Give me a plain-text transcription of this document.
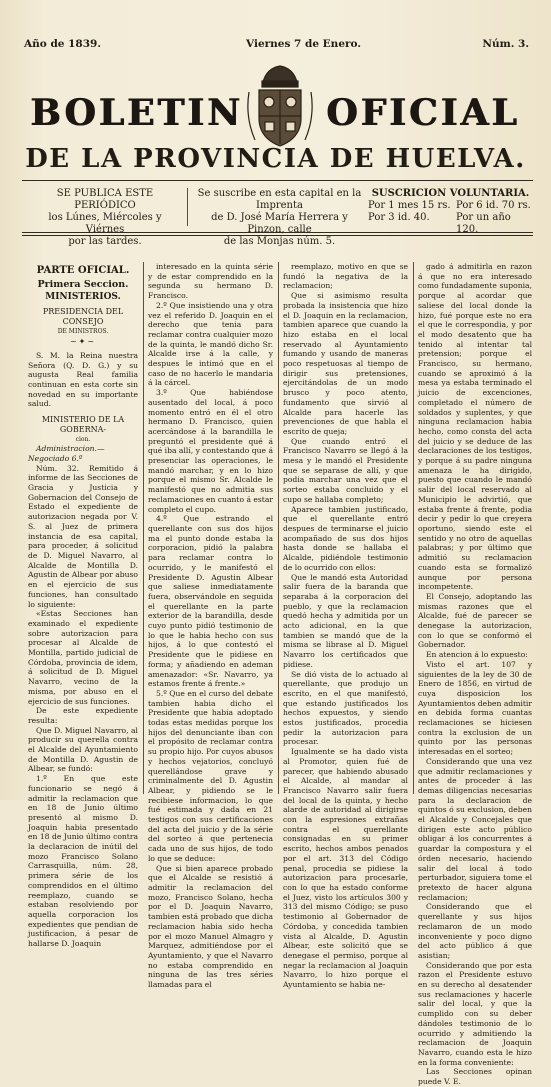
Año de 1839.	Viernes 7 de Enero.	Núm. 3.
BOLETIN OFICIAL
DE LA PROVINCIA DE HUELVA.
SE PUBLICA ESTE PERIÓDICO
los Lúnes, Miércoles y Viérnes
por las tardes.
Se suscribe en esta capital en la Imprenta
de D. José María Herrera y Pinzon, calle
de las Monjas núm. 5.
SUSCRICION VOLUNTARIA.
Por 1 mes 15 rs. Por 6 id. 70 rs.
Por 3 id. 40.	Por un año 120.
PARTE OFICIAL.
Primera Seccion.
MINISTERIOS.
PRESIDENCIA DEL CONSEJO
DE MINISTROS.
~✦~

S. M. la Reina nuestra Señora (Q. D. G.) y su augusta Real familia continuan en esta corte sin novedad en su importante salud.

MINISTERIO DE LA GOBERNA-
cion.

Administracion.—Negociado 6.º

Núm. 32. Remitido á informe de las Secciones de Gracia y Justicia y Gobernacion del Consejo de Estado el expediente de autorizacion negada por V. S. al Juez de primera instancia de esa capital, para proceder, á solicitud de D. Miguel Navarro, al Alcalde de Montilla D. Agustin de Albear por abuso en el ejercicio de sus funciones, han consultado lo siguiente:

«Estas Secciones han examinado el expediente sobre autorizacion para procesar al Alcalde de Montilla, partido judicial de Córdoba, provincia de idem, á solicitud de D. Miguel Navarro, vecino de la misma, por abuso en el ejercicio de sus funciones.

De este expediente resulta:

Que D. Miguel Navarro, al producir su querella contra el Alcalde del Ayuntamiento de Montilla D. Agustin de Albear, se fundó:

1.º En que este funcionario se negó á admitir la reclamacion que en 18 de Junio último presentó al mismo D. Joaquin habia presentado en 18 de Junio último contra la declaracion de inútil del mozo Francisco Solano Carrasquilla, núm. 28, primera série de los comprendidos en el último reemplazo, cuando se estaban resolviendo por aquella corporacion los expedientes que pendian de justificacion, á pesar de hallarse D. Joaquin

interesado en la quinta série y de estar comprendido en la segunda su hermano D. Francisco.

2.º Que insistiendo una y otra vez el referido D. Joaquin en el derecho que tenia para reclamar contra cualquier mozo de la quinta, le mandó dicho Sr. Alcalde irse á la calle, y despues le intimó que en el caso de no hacerlo le mandaria á la cárcel.

3.º Que habiéndose ausentado del local, á poco momento entró en él el otro hermano D. Francisco, quien acercándose á la barandilla le preguntó el presidente qué á qué iba allí, y contestando que á presenciar las operaciones, le mandó marchar, y en lo hizo porque el mismo Sr. Alcalde le manifestó que no admitia sus reclamaciones en cuanto á estar completo el cupo.

4.º Que estrando el querellante con sus dos hijos ma el punto donde estaba la corporacion, pidió la palabra para reclamar contra lo ocurrido, y le manifestó el Presidente D. Agustin Albear que saliese inmediatamente fuera, observándole en seguida el querellante en la parte exterior de la barandilla, desde cuyo punto pidió testimonio de lo que le habia hecho con sus hijos, á lo que contestó el Presidente que le pidiese en forma; y añadiendo en ademan amenazador: «Sr. Navarro, ya estamos frente á frente.»

5.º Que en el curso del debate tambien habia dicho el Presidente que habia adoptado todas estas medidas porque los hijos del denunciante iban con el propósito de reclamar contra su propio hijo. Por cuyos abusos y hechos vejatorios, concluyó querellándose grave y criminalmente del D. Agustin Albear, y pidiendo se le recibiese informacion, lo que fué estimada y dada en 21 testigos con sus certificaciones del acta del juicio y de la série del sorteo á que pertenecia cada uno de sus hijos, de todo lo que se deduce:

Que si bien aparece probado que el Alcalde se resistió á admitir la reclamacion del mozo, Francisco Solano, hecha por el D. Joaquin Navarro, tambien está probado que dicha reclamacion habia sido hecha por el mozo Manuel Almagro y Marquez, admitiéndose por el Ayuntamiento, y que el Navarro no estaba comprendido en ninguna de las tres séries llamadas para el

reemplazo, motivo en que se fundó la negativa de la reclamacion;

Que si asimismo resulta probada la insistencia que hizo el D. Joaquin en la reclamacion, tambien aparece que cuando la hizo estaba en el local reservado al Ayuntamiento fumando y usando de maneras poco respetuosas al tiempo de dirigir sus pretensiones, ejercitándolas de un modo brusco y poco atento, fundamento que sirvió al Alcalde para hacerle las prevenciones de que habla el escrito de queja;

Que cuando entró el Francisco Navarro se llegó á la mesa y le mandó el Presidente que se separase de allí, y que podia marchar una vez que el sorteo estaba concluido y el cupo se hallaba completo;

Aparece tambien justificado, que el querellante entró despues de terminarse el juicio acompañado de sus dos hijos hasta donde se hallaba el Alcalde, pidiéndole testimonio de lo ocurrido con ellos:

Que le mandó esta Autoridad salir fuera de la baranda que separaba á la corporacion del pueblo, y que la reclamacion quedó hecha y admitida por un acto adicional, en la que tambien se mandó que de la misma se librase al D. Miguel Navarro los certificados que pidiese.

Se dió vista de lo actuado al querellante, que produjo un escrito, en el que manifestó, que estando justificados los hechos expuestos, y siendo estos justificados, procedia pedir la autorizacion para procesar.

Igualmente se ha dado vista al Promotor, quien fué de parecer, que habiendo abusado el Alcalde, al mandar al Francisco Navarro salir fuera del local de la quinta, y hecho alarde de autoridad al dirigirse con la espresiones extrañas contra el querellante consignadas en su primer escrito, hechos ambos penados por el art. 313 del Código penal, procedia se pidiese la autorizacion para procesarle, con lo que ha estado conforme el Juez, visto los artículos 300 y 313 del mismo Código; se puso testimonio al Gobernador de Córdoba, y concedida tambien vista al Alcalde, D. Agustin Albear, este solicitó que se denegase el permiso, porque al negar la reclamacion al Joaquin Navarro, lo hizo porque el Ayuntamiento se habia ne-

gado á admitirla en razon á que no era interesado como fundadamente suponia, porque al acordar que saliese del local donde la hizo, fué porque este no era el que le correspondia, y por el modo desatento que ha tenido al intentar tal pretension; porque el Francisco, su hermano, cuando se aproximó á la mesa ya estaba terminado el juicio de excenciones, completado el número de soldados y suplentes, y que ninguna reclamacion habia hecho, como consta del acta del juicio y se deduce de las declaraciones de los testigos, y porque á su padre ninguna amenaza le ha dirigido, puesto que cuando le mandó salir del local reservado al Municipio le advirtió, que estaba frente á frente, podia decir y pedir lo que creyera oportuno, siendo este el sentido y no otro de aquellas palabras; y por último que admitió su reclamacion cuando esta se formalizó aunque por persona incompetente.

El Consejo, adoptando las mismas razones que el Alcalde, fué de parecer se denegase la autorizacion, con lo que se conformó el Gobernador.

En atencion á lo expuesto:

Visto el art. 107 y siguientes de la ley de 30 de Enero de 1856, en virtud de cuya disposicion los Ayuntamientos deben admitir en debida forma cuantas reclamaciones se hiciesen contra la exclusion de un quinto por las personas interesadas en el sorteo;

Considerando que una vez que admitir reclamaciones y antes de proceder á las demas diligencias necesarias para la declaracion de quintos ó su exclusion, deben el Alcalde y Concejales que dirigen este acto público obligar á los concurrentes á guardar la compostura y el órden necesario, haciendo salir del local á todo perturbador, siguiera tome el pretexto de hacer alguna reclamacion;

Considerando que el querellante y sus hijos reclamaron de un modo inconveniente y poco digno del acto público á que asistian;

Considerando que por esta razon el Presidente estuvo en su derecho al desatender sus reclamaciones y hacerle salir del local, y que la cumplido con su deber dándoles testimonio de lo ocurrido y admitiendo la reclamacion de Joaquin Navarro, cuando esta le hizo en la forma conveniente:

Las Secciones opinan puede V. E.
